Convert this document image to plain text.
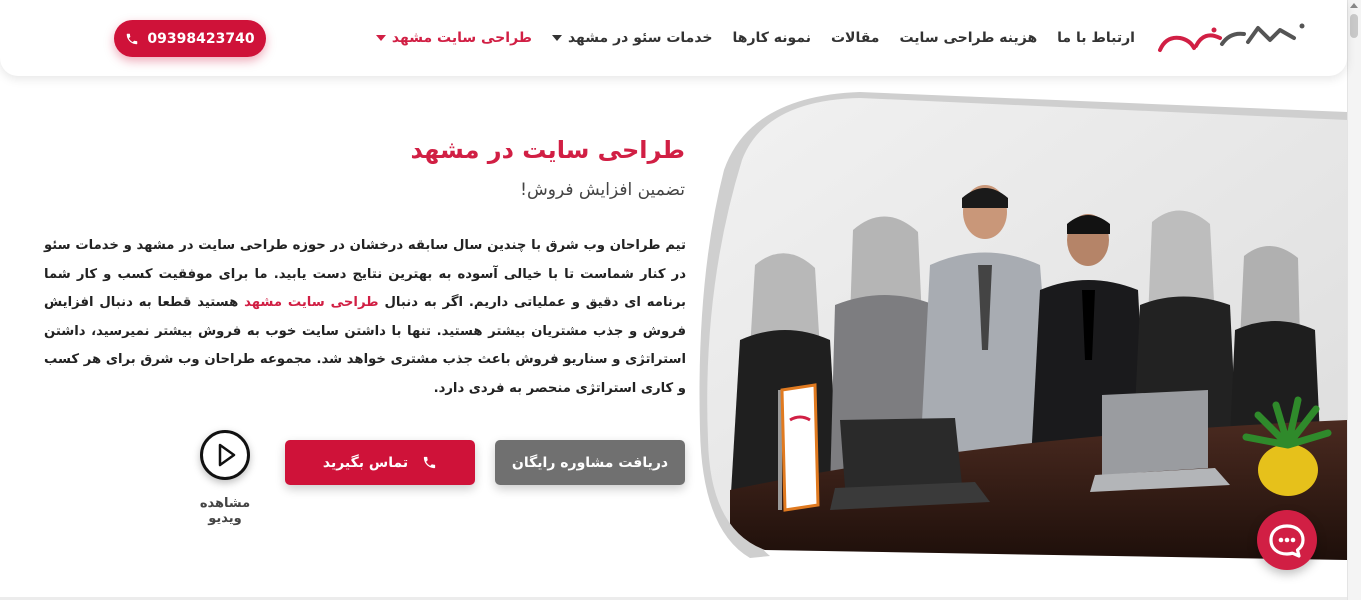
طراحی سایت مشهد	خدمات سئو در مشهد نمونه کارها مقالات هزینه طراحی سایت ارتباط با ما
09398423740
طراحی سایت در مشهد
تضمین افزایش فروش!

تیم طراحان وب شرق با چندین سال سابقه درخشان در حوزه طراحی سایت در مشهد و خدمات سئو در کنار شماست تا با خیالی آسوده به بهترین نتایج دست یابید. ما برای موفقیت کسب و کار شما برنامه ای دقیق و عملیاتی داریم. اگر به دنبال طراحی سایت مشهد هستید قطعا به دنبال افزایش فروش و جذب مشتریان بیشتر هستید. تنها با داشتن سایت خوب به فروش بیشتر نمیرسید، داشتن استراتژی و سناریو فروش باعث جذب مشتری خواهد شد. مجموعه طراحان وب شرق برای هر کسب و کاری استراتژی منحصر به فردی دارد.

دریافت مشاوره رایگان
تماس بگیرید
مشاهده ویدیو
